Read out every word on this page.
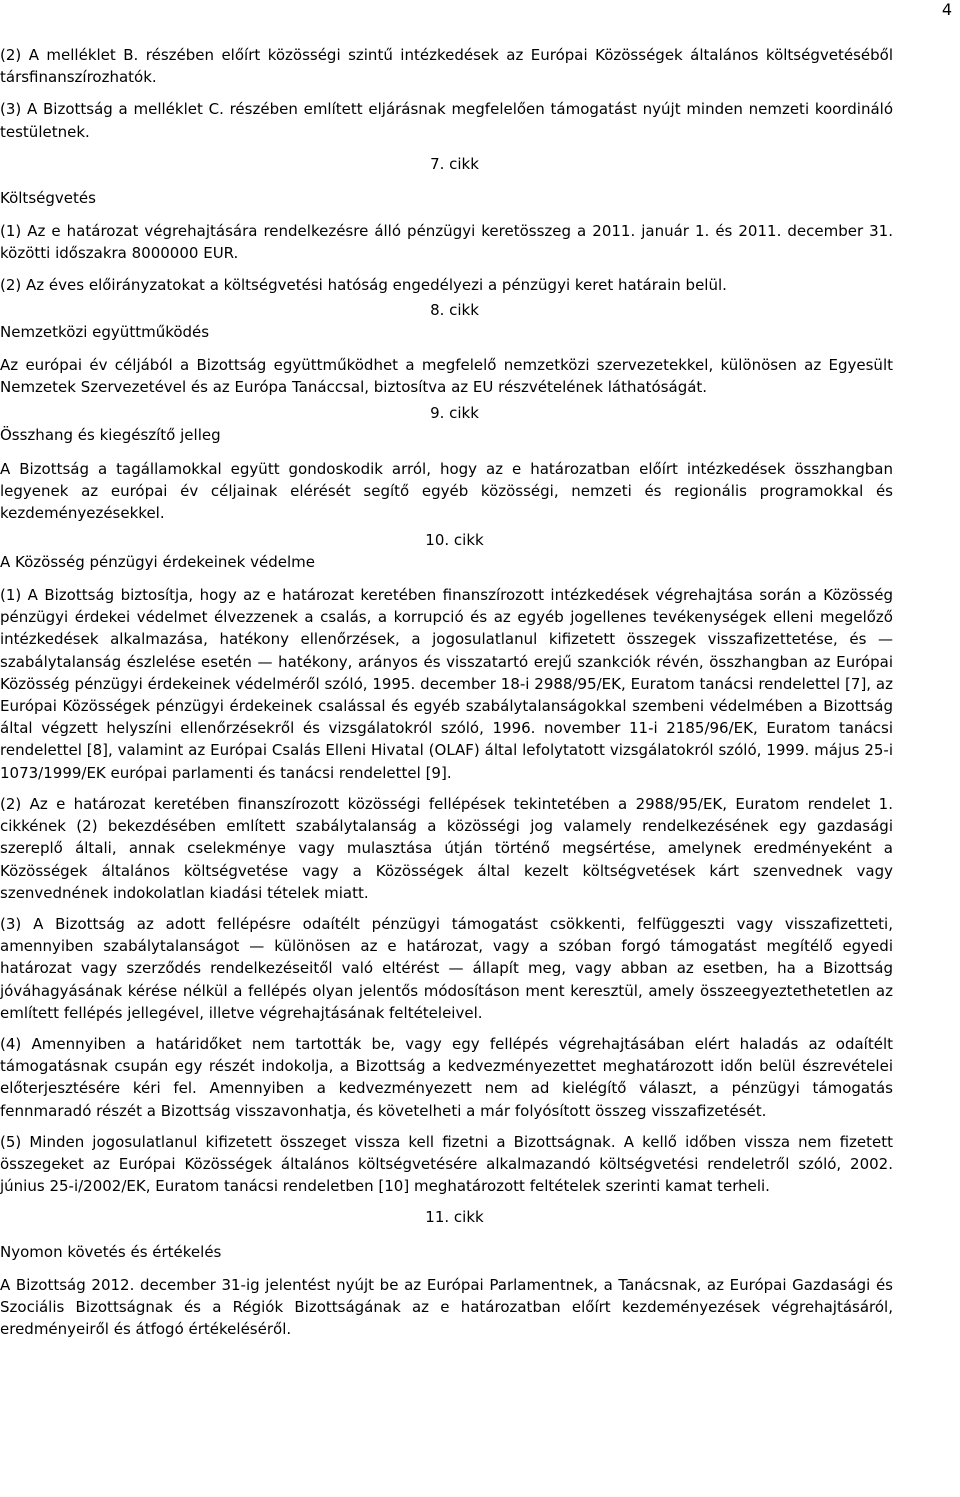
4

(2) A melléklet B. részében előírt közösségi szintű intézkedések az Európai Közösségek általános költségvetéséből társfinanszírozhatók.

(3) A Bizottság a melléklet C. részében említett eljárásnak megfelelően támogatást nyújt minden nemzeti koordináló testületnek.

7. cikk

Költségvetés

(1) Az e határozat végrehajtására rendelkezésre álló pénzügyi keretösszeg a 2011. január 1. és 2011. december 31. közötti időszakra 8000000 EUR.

(2) Az éves előirányzatokat a költségvetési hatóság engedélyezi a pénzügyi keret határain belül.

8. cikk

Nemzetközi együttműködés

Az európai év céljából a Bizottság együttműködhet a megfelelő nemzetközi szervezetekkel, különösen az Egyesült Nemzetek Szervezetével és az Európa Tanáccsal, biztosítva az EU részvételének láthatóságát.

9. cikk

Összhang és kiegészítő jelleg

A Bizottság a tagállamokkal együtt gondoskodik arról, hogy az e határozatban előírt intézkedések összhangban legyenek az európai év céljainak elérését segítő egyéb közösségi, nemzeti és regionális programokkal és kezdeményezésekkel.

10. cikk

A Közösség pénzügyi érdekeinek védelme

(1) A Bizottság biztosítja, hogy az e határozat keretében finanszírozott intézkedések végrehajtása során a Közösség pénzügyi érdekei védelmet élvezzenek a csalás, a korrupció és az egyéb jogellenes tevékenységek elleni megelőző intézkedések alkalmazása, hatékony ellenőrzések, a jogosulatlanul kifizetett összegek visszafizettetése, és — szabálytalanság észlelése esetén — hatékony, arányos és visszatartó erejű szankciók révén, összhangban az Európai Közösség pénzügyi érdekeinek védelméről szóló, 1995. december 18-i 2988/95/EK, Euratom tanácsi rendelettel [7], az Európai Közösségek pénzügyi érdekeinek csalással és egyéb szabálytalanságokkal szembeni védelmében a Bizottság által végzett helyszíni ellenőrzésekről és vizsgálatokról szóló, 1996. november 11-i 2185/96/EK, Euratom tanácsi rendelettel [8], valamint az Európai Csalás Elleni Hivatal (OLAF) által lefolytatott vizsgálatokról szóló, 1999. május 25-i 1073/1999/EK európai parlamenti és tanácsi rendelettel [9].

(2) Az e határozat keretében finanszírozott közösségi fellépések tekintetében a 2988/95/EK, Euratom rendelet 1. cikkének (2) bekezdésében említett szabálytalanság a közösségi jog valamely rendelkezésének egy gazdasági szereplő általi, annak cselekménye vagy mulasztása útján történő megsértése, amelynek eredményeként a Közösségek általános költségvetése vagy a Közösségek által kezelt költségvetések kárt szenvednek vagy szenvednének indokolatlan kiadási tételek miatt.

(3) A Bizottság az adott fellépésre odaítélt pénzügyi támogatást csökkenti, felfüggeszti vagy visszafizetteti, amennyiben szabálytalanságot — különösen az e határozat, vagy a szóban forgó támogatást megítélő egyedi határozat vagy szerződés rendelkezéseitől való eltérést — állapít meg, vagy abban az esetben, ha a Bizottság jóváhagyásának kérése nélkül a fellépés olyan jelentős módosításon ment keresztül, amely összeegyeztethetetlen az említett fellépés jellegével, illetve végrehajtásának feltételeivel.

(4) Amennyiben a határidőket nem tartották be, vagy egy fellépés végrehajtásában elért haladás az odaítélt támogatásnak csupán egy részét indokolja, a Bizottság a kedvezményezettet meghatározott időn belül észrevételei előterjesztésére kéri fel. Amennyiben a kedvezményezett nem ad kielégítő választ, a pénzügyi támogatás fennmaradó részét a Bizottság visszavonhatja, és követelheti a már folyósított összeg visszafizetését.

(5) Minden jogosulatlanul kifizetett összeget vissza kell fizetni a Bizottságnak. A kellő időben vissza nem fizetett összegeket az Európai Közösségek általános költségvetésére alkalmazandó költségvetési rendeletről szóló, 2002. június 25-i/2002/EK, Euratom tanácsi rendeletben [10] meghatározott feltételek szerinti kamat terheli.

11. cikk

Nyomon követés és értékelés

A Bizottság 2012. december 31-ig jelentést nyújt be az Európai Parlamentnek, a Tanácsnak, az Európai Gazdasági és Szociális Bizottságnak és a Régiók Bizottságának az e határozatban előírt kezdeményezések végrehajtásáról, eredményeiről és átfogó értékeléséről.
